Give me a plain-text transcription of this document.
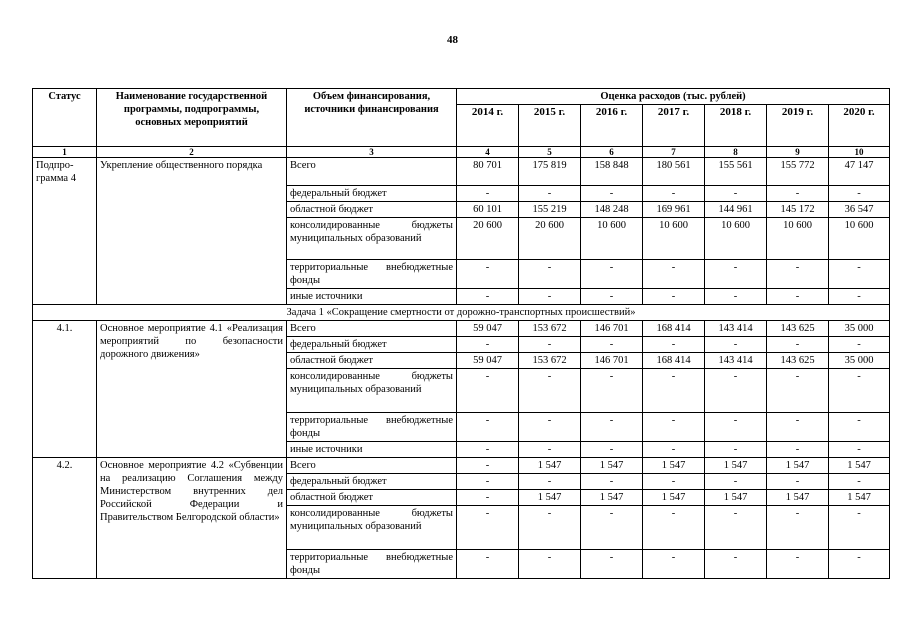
48
Статус	Наименование государственной программы, подпрограммы, основных мероприятий	Объем финансирования, источники финансирования	Оценка расходов (тыс. рублей)						
			2014 г.	2015 г.	2016 г.	2017 г.	2018 г.	2019 г.	2020 г.
1	2	3	4	5	6	7	8	9	10
Подпро-грамма 4	Укрепление общественного порядка	Всего	80 701	175 819	158 848	180 561	155 561	155 772	47 147
		федеральный бюджет	-	-	-	-	-	-	-
		областной бюджет	60 101	155 219	148 248	169 961	144 961	145 172	36 547
		консолидированные бюджеты муниципальных образований	20 600	20 600	10 600	10 600	10 600	10 600	10 600
		территориальные внебюджетные фонды	-	-	-	-	-	-	-
		иные источники	-	-	-	-	-	-	-
Задача 1 «Сокращение смертности от дорожно-транспортных происшествий»									
4.1.	Основное мероприятие 4.1 «Реализация мероприятий по безопасности дорожного движения»	Всего	59 047	153 672	146 701	168 414	143 414	143 625	35 000
		федеральный бюджет	-	-	-	-	-	-	-
		областной бюджет	59 047	153 672	146 701	168 414	143 414	143 625	35 000
		консолидированные бюджеты муниципальных образований	-	-	-	-	-	-	-
		территориальные внебюджетные фонды	-	-	-	-	-	-	-
		иные источники	-	-	-	-	-	-	-
4.2.	Основное мероприятие 4.2 «Субвенции на реализацию Соглашения между Министерством внутренних дел Российской Федерации и Правительством Белгородской области»	Всего	-	1 547	1 547	1 547	1 547	1 547	1 547
		федеральный бюджет	-	-	-	-	-	-	-
		областной бюджет	-	1 547	1 547	1 547	1 547	1 547	1 547
		консолидированные бюджеты муниципальных образований	-	-	-	-	-	-	-
		территориальные внебюджетные фонды	-	-	-	-	-	-	-
